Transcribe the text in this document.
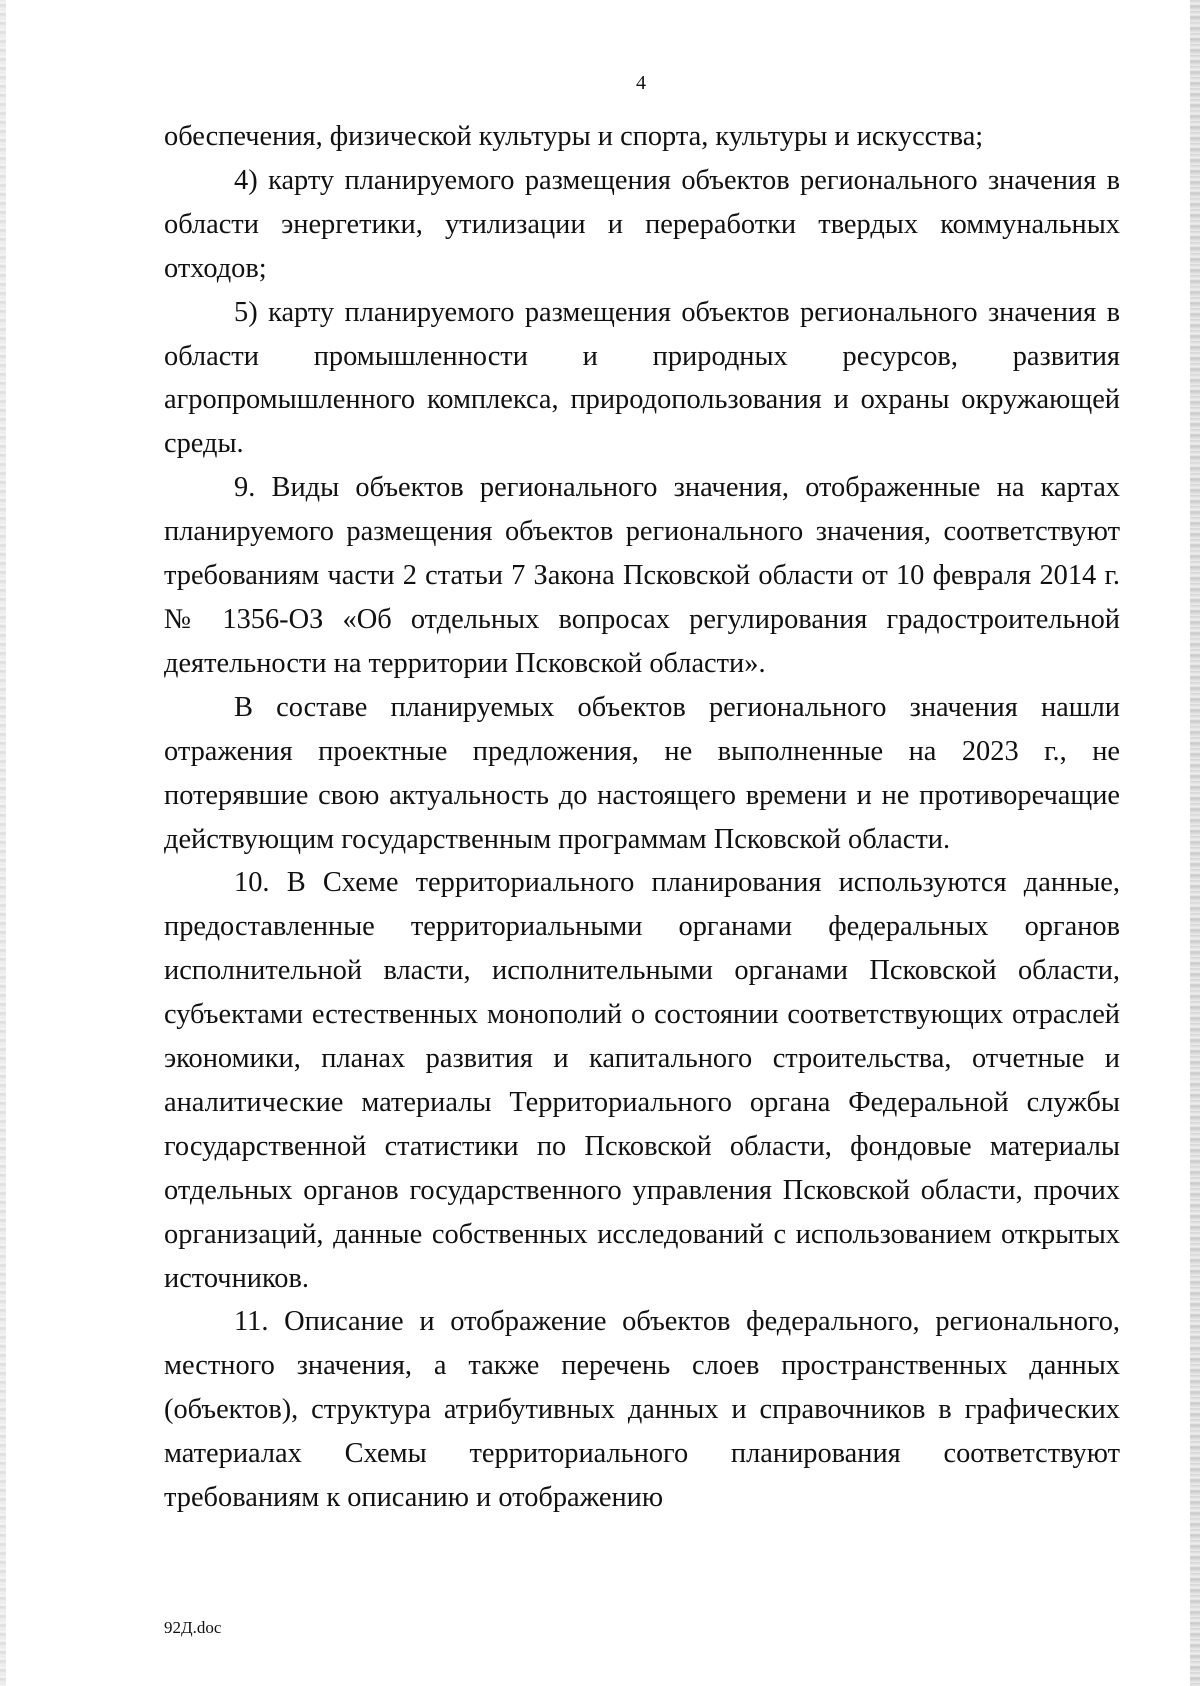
4

обеспечения, физической культуры и спорта, культуры и искусства;

4) карту планируемого размещения объектов регионального значения в области энергетики, утилизации и переработки твердых коммунальных отходов;

5) карту планируемого размещения объектов регионального значения в области промышленности и природных ресурсов, развития агропромышленного комплекса, природопользования и охраны окружающей среды.

9. Виды объектов регионального значения, отображенные на картах планируемого размещения объектов регионального значения, соответствуют требованиям части 2 статьи 7 Закона Псковской области от 10 февраля 2014 г. № 1356-ОЗ «Об отдельных вопросах регулирования градостроительной деятельности на территории Псковской области».

В составе планируемых объектов регионального значения нашли отражения проектные предложения, не выполненные на 2023 г., не потерявшие свою актуальность до настоящего времени и не противоречащие действующим государственным программам Псковской области.

10. В Схеме территориального планирования используются данные, предоставленные территориальными органами федеральных органов исполнительной власти, исполнительными органами Псковской области, субъектами естественных монополий о состоянии соответствующих отраслей экономики, планах развития и капитального строительства, отчетные и аналитические материалы Территориального органа Федеральной службы государственной статистики по Псковской области, фондовые материалы отдельных органов государственного управления Псковской области, прочих организаций, данные собственных исследований с использованием открытых источников.

11. Описание и отображение объектов федерального, регионального, местного значения, а также перечень слоев пространственных данных (объектов), структура атрибутивных данных и справочников в графических материалах Схемы территориального планирования соответствуют требованиям к описанию и отображению

92Д.doc
